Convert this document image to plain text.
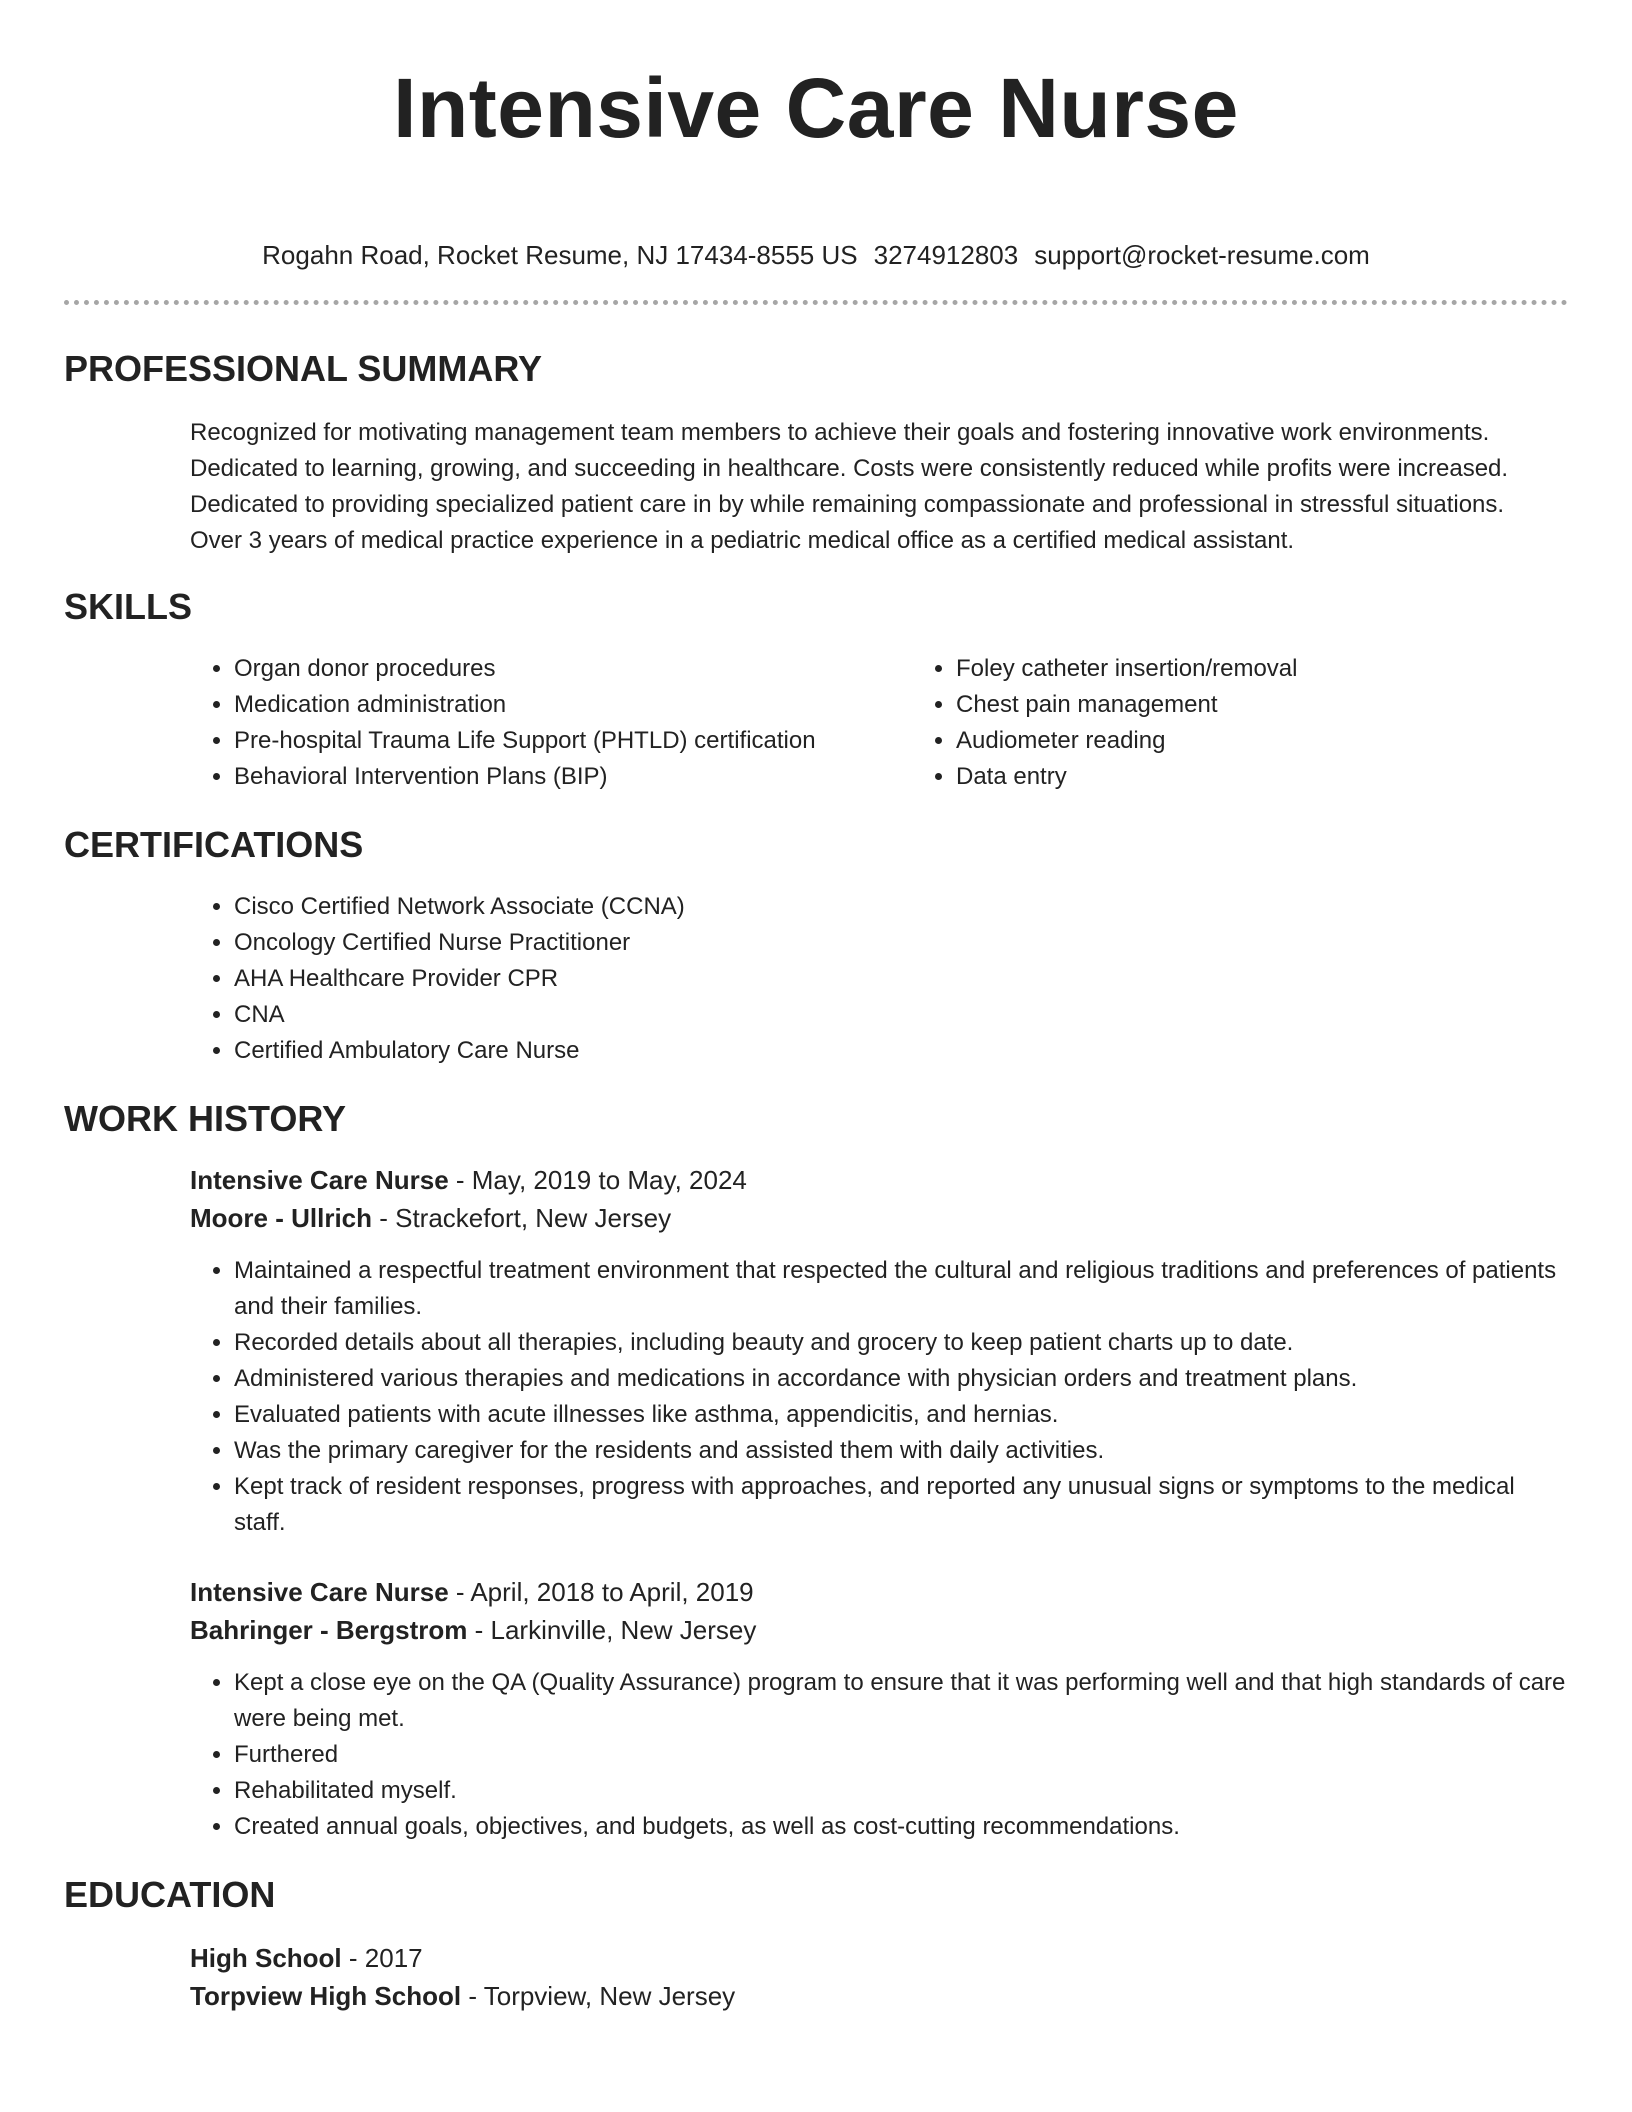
Intensive Care Nurse
Rogahn Road, Rocket Resume, NJ 17434-8555 US 3274912803 support@rocket-resume.com
PROFESSIONAL SUMMARY
Recognized for motivating management team members to achieve their goals and fostering innovative work environments.
Dedicated to learning, growing, and succeeding in healthcare. Costs were consistently reduced while profits were increased.
Dedicated to providing specialized patient care in by while remaining compassionate and professional in stressful situations.
Over 3 years of medical practice experience in a pediatric medical office as a certified medical assistant.
SKILLS
• Organ donor procedures
• Medication administration
• Pre-hospital Trauma Life Support (PHTLD) certification
• Behavioral Intervention Plans (BIP)
• Foley catheter insertion/removal
• Chest pain management
• Audiometer reading
• Data entry
CERTIFICATIONS
• Cisco Certified Network Associate (CCNA)
• Oncology Certified Nurse Practitioner
• AHA Healthcare Provider CPR
• CNA
• Certified Ambulatory Care Nurse
WORK HISTORY
Intensive Care Nurse - May, 2019 to May, 2024
Moore - Ullrich - Strackefort, New Jersey
• Maintained a respectful treatment environment that respected the cultural and religious traditions and preferences of patients and their families.
• Recorded details about all therapies, including beauty and grocery to keep patient charts up to date.
• Administered various therapies and medications in accordance with physician orders and treatment plans.
• Evaluated patients with acute illnesses like asthma, appendicitis, and hernias.
• Was the primary caregiver for the residents and assisted them with daily activities.
• Kept track of resident responses, progress with approaches, and reported any unusual signs or symptoms to the medical staff.
Intensive Care Nurse - April, 2018 to April, 2019
Bahringer - Bergstrom - Larkinville, New Jersey
• Kept a close eye on the QA (Quality Assurance) program to ensure that it was performing well and that high standards of care were being met.
• Furthered
• Rehabilitated myself.
• Created annual goals, objectives, and budgets, as well as cost-cutting recommendations.
EDUCATION
High School - 2017
Torpview High School - Torpview, New Jersey
